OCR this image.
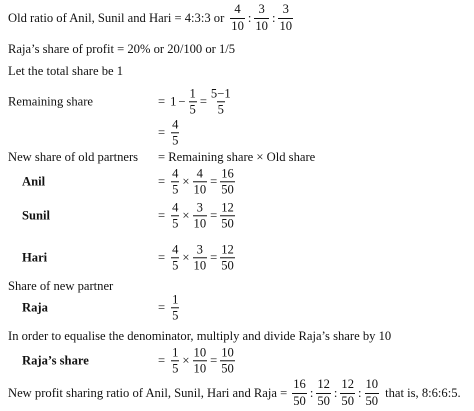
Old ratio of Anil, Sunil and Hari = 4:3:3 or $\frac{4}{10}$ : $\frac{3}{10}$ : $\frac{3}{10}$
Raja’s share of profit = 20% or 20/100 or 1/5
Let the total share be 1
Remaining share	= $1 - \frac{1}{5} = \frac{5-1}{5}$
= $\frac{4}{5}$
New share of old partners	= Remaining share × Old share
Anil	= $\frac{4}{5} \times \frac{4}{10} = \frac{16}{50}$
Sunil	= $\frac{4}{5} \times \frac{3}{10} = \frac{12}{50}$
Hari	= $\frac{4}{5} \times \frac{3}{10} = \frac{12}{50}$
Share of new partner
Raja	= $\frac{1}{5}$
In order to equalise the denominator, multiply and divide Raja’s share by 10
Raja’s share	= $\frac{1}{5} \times \frac{10}{10} = \frac{10}{50}$
New profit sharing ratio of Anil, Sunil, Hari and Raja = $\frac{16}{50}$ : $\frac{12}{50}$ : $\frac{12}{50}$ : $\frac{10}{50}$ that is, 8:6:6:5.
